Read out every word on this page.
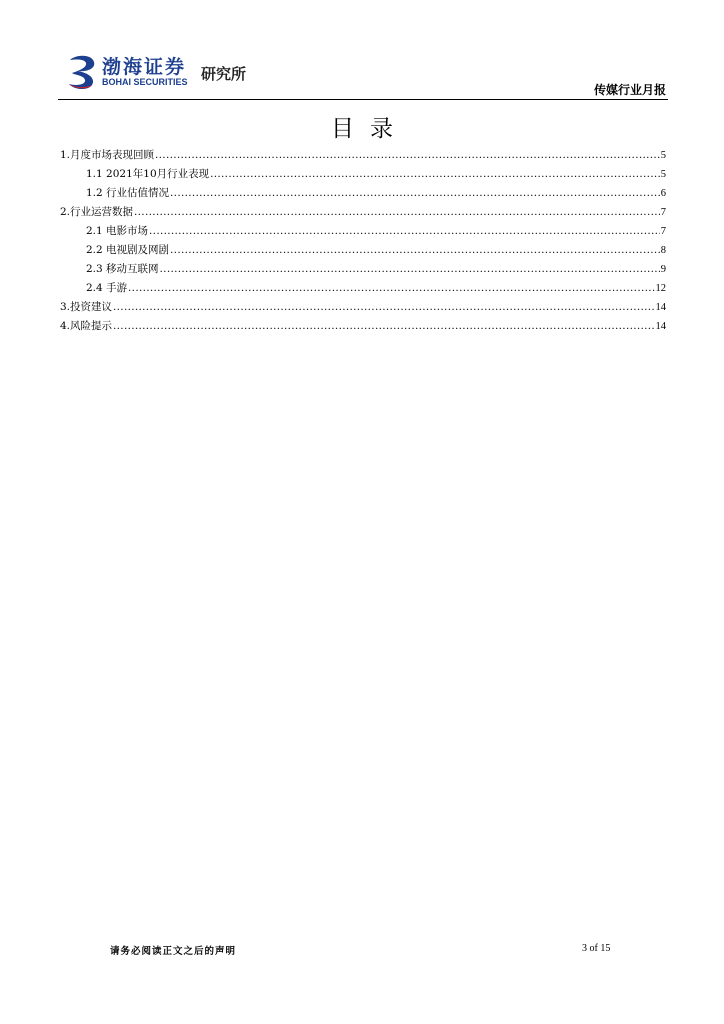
渤海证券
BOHAI SECURITIES 研究所
传媒行业月报
目录
1.月度市场表现回顾 .....	5
1.1 2021年10月行业表现 .....	5
1.2 行业估值情况 .....	6
2.行业运营数据 .....	7
2.1 电影市场 .....	7
2.2 电视剧及网剧 .....	8
2.3 移动互联网 .....	9
2.4 手游 .....	12
3.投资建议 .....	14
4.风险提示 .....	14
请务必阅读正文之后的声明	3 of 15
